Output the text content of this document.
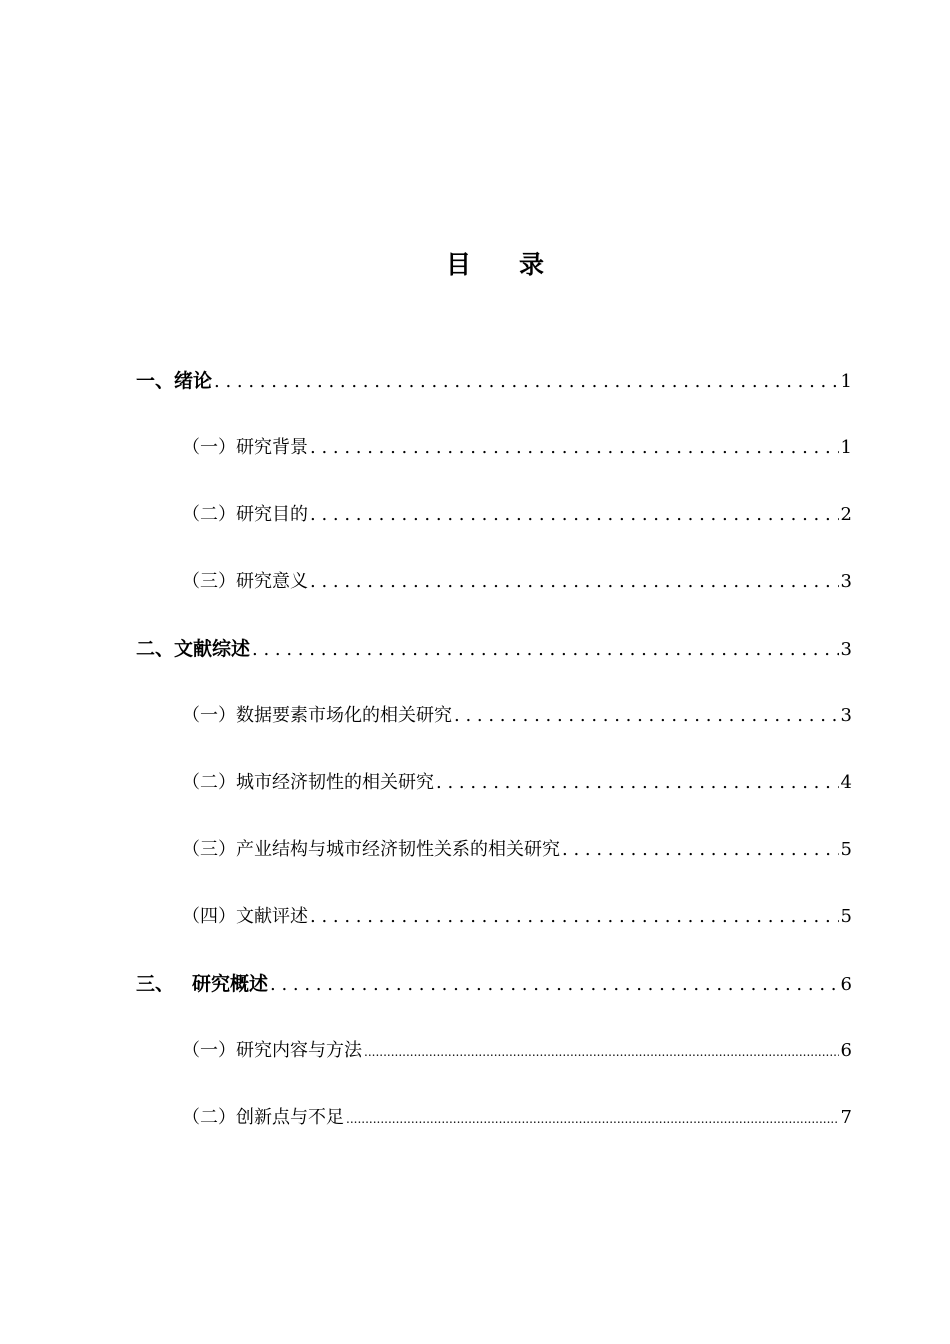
目 录
一、绪论 . . .	1
（一）研究背景 . . .	1
（二）研究目的 . . .	2
（三）研究意义 . . .	3
二、文献综述 . . .	3
（一）数据要素市场化的相关研究 . . .	3
（二）城市经济韧性的相关研究 . . .	4
（三）产业结构与城市经济韧性关系的相关研究 . . .	5
（四）文献评述 . . .	5
三、 研究概述 . . .	6
（一）研究内容与方法 .....	6
（二）创新点与不足 .....	7
